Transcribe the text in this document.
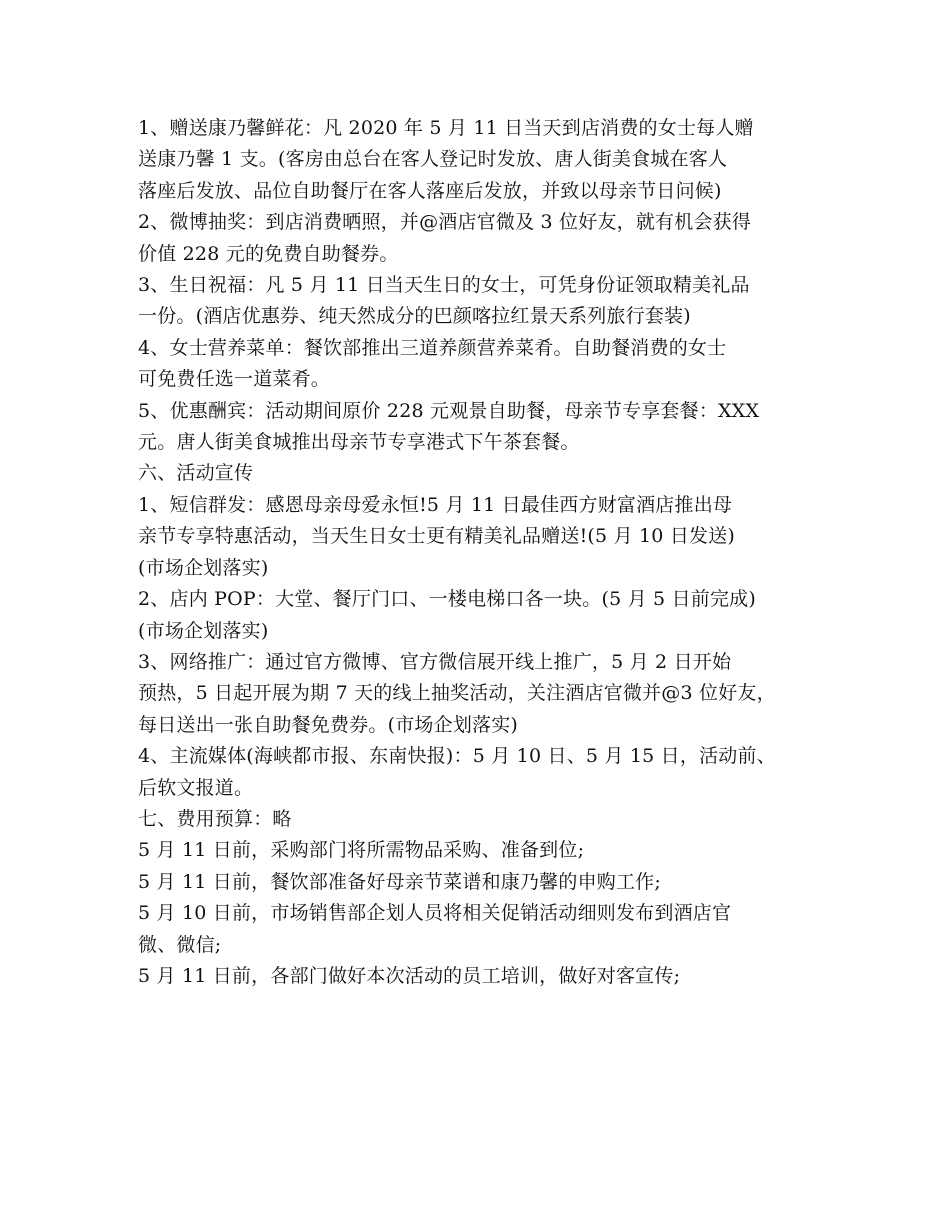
1、赠送康乃馨鲜花：凡 2020 年 5 月 11 日当天到店消费的女士每人赠
送康乃馨 1 支。(客房由总台在客人登记时发放、唐人街美食城在客人
落座后发放、品位自助餐厅在客人落座后发放，并致以母亲节日问候)
2、微博抽奖：到店消费晒照，并@酒店官微及 3 位好友，就有机会获得
价值 228 元的免费自助餐券。
3、生日祝福：凡 5 月 11 日当天生日的女士，可凭身份证领取精美礼品
一份。(酒店优惠券、纯天然成分的巴颜喀拉红景天系列旅行套装)
4、女士营养菜单：餐饮部推出三道养颜营养菜肴。自助餐消费的女士
可免费任选一道菜肴。
5、优惠酬宾：活动期间原价 228 元观景自助餐，母亲节专享套餐：XXX
元。唐人街美食城推出母亲节专享港式下午茶套餐。
六、活动宣传
1、短信群发：感恩母亲母爱永恒!5 月 11 日最佳西方财富酒店推出母
亲节专享特惠活动，当天生日女士更有精美礼品赠送!(5 月 10 日发送)
(市场企划落实)
2、店内 POP：大堂、餐厅门口、一楼电梯口各一块。(5 月 5 日前完成)
(市场企划落实)
3、网络推广：通过官方微博、官方微信展开线上推广，5 月 2 日开始
预热，5 日起开展为期 7 天的线上抽奖活动，关注酒店官微并@3 位好友，
每日送出一张自助餐免费券。(市场企划落实)
4、主流媒体(海峡都市报、东南快报)：5 月 10 日、5 月 15 日，活动前、
后软文报道。
七、费用预算：略
5 月 11 日前，采购部门将所需物品采购、准备到位;
5 月 11 日前，餐饮部准备好母亲节菜谱和康乃馨的申购工作;
5 月 10 日前，市场销售部企划人员将相关促销活动细则发布到酒店官
微、微信;
5 月 11 日前，各部门做好本次活动的员工培训，做好对客宣传;
